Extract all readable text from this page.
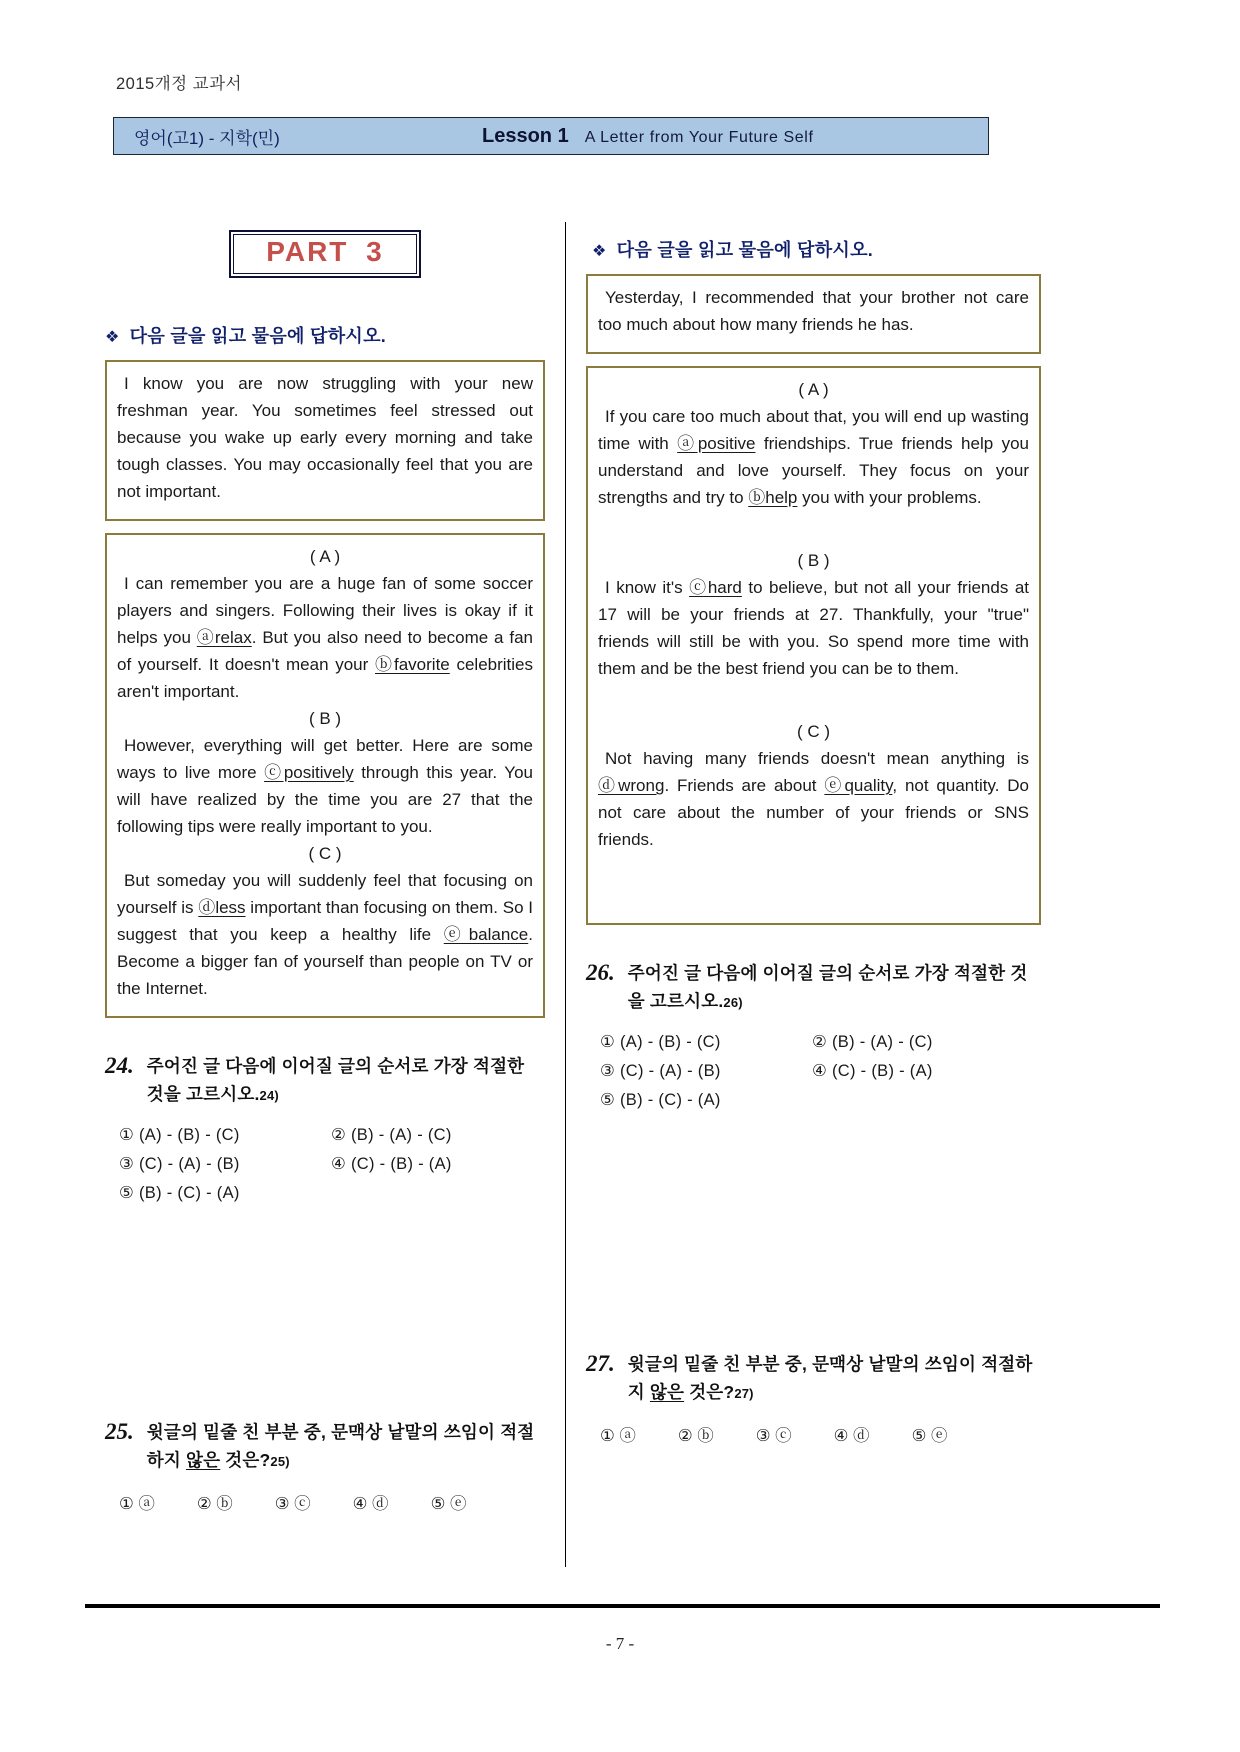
2015개정 교과서
영어(고1) - 지학(민)	Lesson 1 A Letter from Your Future Self
PART 3
❖ 다음 글을 읽고 물음에 답하시오.

I know you are now struggling with your new freshman year. You sometimes feel stressed out because you wake up early every morning and take tough classes. You may occasionally feel that you are not important.

( A )

I can remember you are a huge fan of some soccer players and singers. Following their lives is okay if it helps you ⓐrelax. But you also need to become a fan of yourself. It doesn't mean your ⓑfavorite celebrities aren't important.

( B )

However, everything will get better. Here are some ways to live more ⓒpositively through this year. You will have realized by the time you are 27 that the following tips were really important to you.

( C )

But someday you will suddenly feel that focusing on yourself is ⓓless important than focusing on them. So I suggest that you keep a healthy life ⓔbalance. Become a bigger fan of yourself than people on TV or the Internet.

24. 주어진 글 다음에 이어질 글의 순서로 가장 적절한 것을 고르시오.24)
① (A) - (B) - (C)	② (B) - (A) - (C)
③ (C) - (A) - (B)	④ (C) - (B) - (A)
⑤ (B) - (C) - (A)
25. 윗글의 밑줄 친 부분 중, 문맥상 낱말의 쓰임이 적절하지 않은 것은?25)
① ⓐ	② ⓑ	③ ⓒ	④ ⓓ	⑤ ⓔ
❖ 다음 글을 읽고 물음에 답하시오.

Yesterday, I recommended that your brother not care too much about how many friends he has.

( A )

If you care too much about that, you will end up wasting time with ⓐpositive friendships. True friends help you understand and love yourself. They focus on your strengths and try to ⓑhelp you with your problems.

( B )

I know it's ⓒhard to believe, but not all your friends at 17 will be your friends at 27. Thankfully, your "true" friends will still be with you. So spend more time with them and be the best friend you can be to them.

( C )

Not having many friends doesn't mean anything is ⓓwrong. Friends are about ⓔquality, not quantity. Do not care about the number of your friends or SNS friends.

26. 주어진 글 다음에 이어질 글의 순서로 가장 적절한 것을 고르시오.26)
① (A) - (B) - (C)	② (B) - (A) - (C)
③ (C) - (A) - (B)	④ (C) - (B) - (A)
⑤ (B) - (C) - (A)
27. 윗글의 밑줄 친 부분 중, 문맥상 낱말의 쓰임이 적절하지 않은 것은?27)
① ⓐ	② ⓑ	③ ⓒ	④ ⓓ	⑤ ⓔ
- 7 -
